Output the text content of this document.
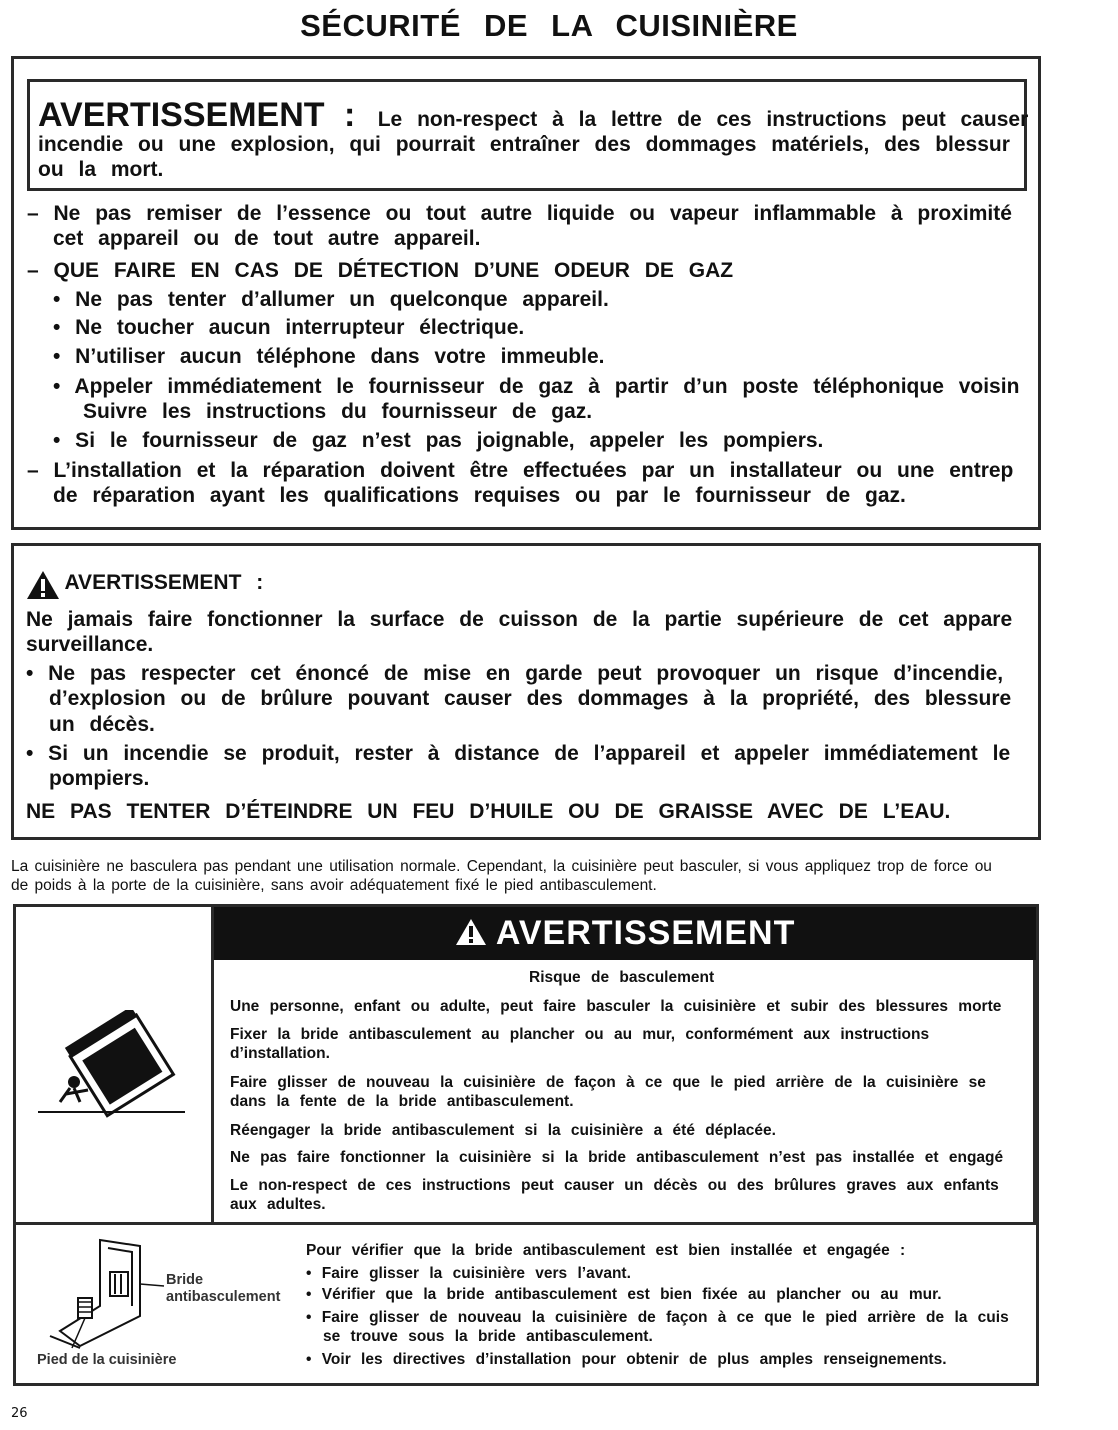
SÉCURITÉ DE LA CUISINIÈRE
AVERTISSEMENT : Le non-respect à la lettre de ces instructions peut causer
incendie ou une explosion, qui pourrait entraîner des dommages matériels, des blessur
ou la mort.
– Ne pas remiser de l’essence ou tout autre liquide ou vapeur inflammable à proximité
cet appareil ou de tout autre appareil.
– QUE FAIRE EN CAS DE DÉTECTION D’UNE ODEUR DE GAZ
• Ne pas tenter d’allumer un quelconque appareil.
• Ne toucher aucun interrupteur électrique.
• N’utiliser aucun téléphone dans votre immeuble.
• Appeler immédiatement le fournisseur de gaz à partir d’un poste téléphonique voisin
Suivre les instructions du fournisseur de gaz.
• Si le fournisseur de gaz n’est pas joignable, appeler les pompiers.
– L’installation et la réparation doivent être effectuées par un installateur ou une entrep
de réparation ayant les qualifications requises ou par le fournisseur de gaz.
AVERTISSEMENT :
Ne jamais faire fonctionner la surface de cuisson de la partie supérieure de cet appare
surveillance.
• Ne pas respecter cet énoncé de mise en garde peut provoquer un risque d’incendie,
d’explosion ou de brûlure pouvant causer des dommages à la propriété, des blessure
un décès.
• Si un incendie se produit, rester à distance de l’appareil et appeler immédiatement le
pompiers.
NE PAS TENTER D’ÉTEINDRE UN FEU D’HUILE OU DE GRAISSE AVEC DE L’EAU.
La cuisinière ne basculera pas pendant une utilisation normale. Cependant, la cuisinière peut basculer, si vous appliquez trop de force ou
de poids à la porte de la cuisinière, sans avoir adéquatement fixé le pied antibasculement.
AVERTISSEMENT
Risque de basculement
Une personne, enfant ou adulte, peut faire basculer la cuisinière et subir des blessures morte
Fixer la bride antibasculement au plancher ou au mur, conformément aux instructions
d’installation.
Faire glisser de nouveau la cuisinière de façon à ce que le pied arrière de la cuisinière se
dans la fente de la bride antibasculement.
Réengager la bride antibasculement si la cuisinière a été déplacée.
Ne pas faire fonctionner la cuisinière si la bride antibasculement n’est pas installée et engagé
Le non-respect de ces instructions peut causer un décès ou des brûlures graves aux enfants
aux adultes.
Bride
antibasculement
Pied de la cuisinière
Pour vérifier que la bride antibasculement est bien installée et engagée :
• Faire glisser la cuisinière vers l’avant.
• Vérifier que la bride antibasculement est bien fixée au plancher ou au mur.
• Faire glisser de nouveau la cuisinière de façon à ce que le pied arrière de la cuis
se trouve sous la bride antibasculement.
• Voir les directives d’installation pour obtenir de plus amples renseignements.
26
